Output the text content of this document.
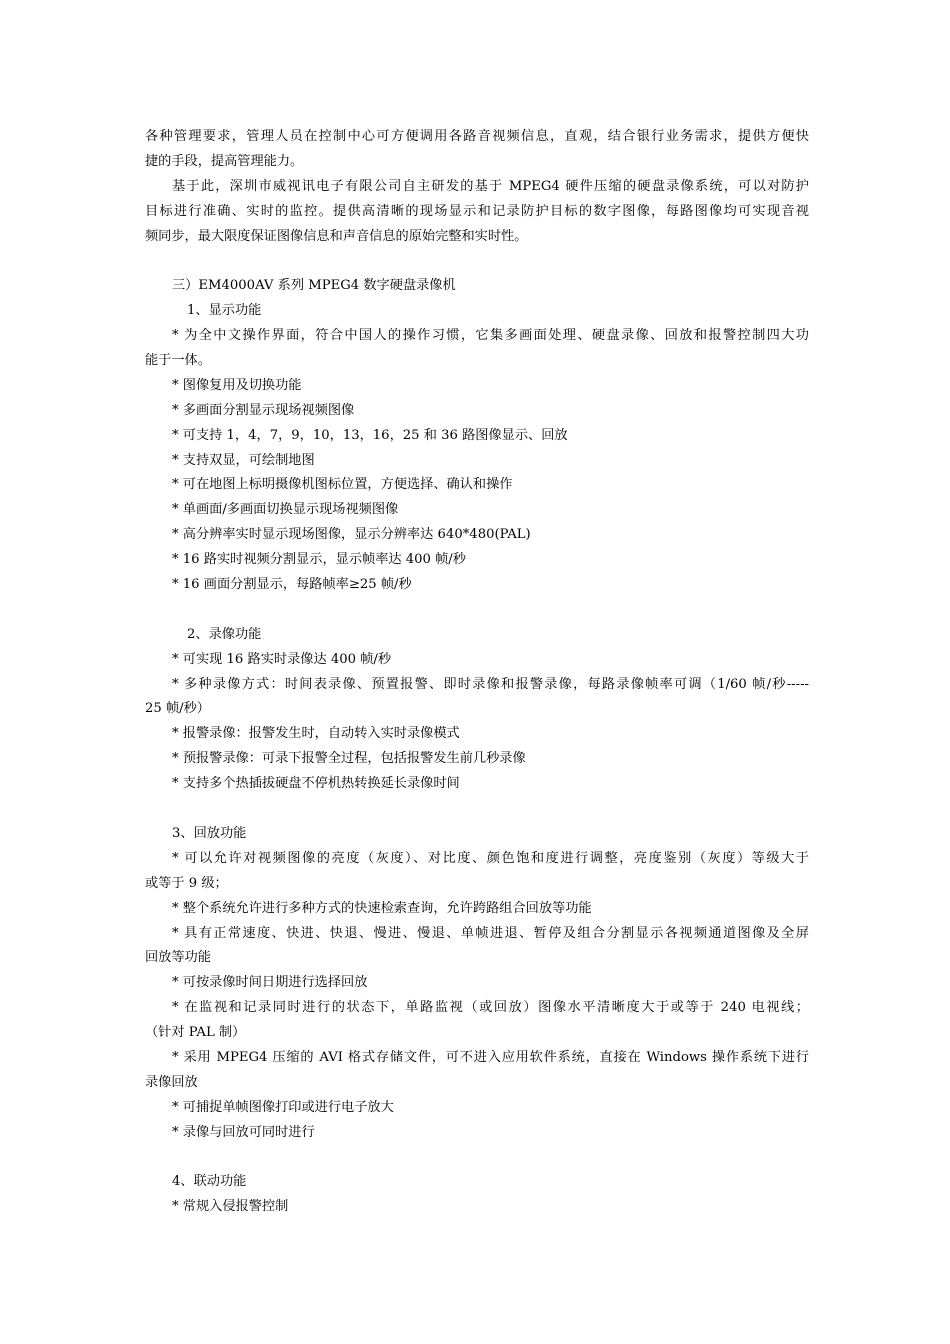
各种管理要求，管理人员在控制中心可方便调用各路音视频信息，直观，结合银行业务需求，提供方便快
捷的手段，提高管理能力。
基于此，深圳市威视讯电子有限公司自主研发的基于 MPEG4 硬件压缩的硬盘录像系统，可以对防护
目标进行准确、实时的监控。提供高清晰的现场显示和记录防护目标的数字图像，每路图像均可实现音视
频同步，最大限度保证图像信息和声音信息的原始完整和实时性。
三）EM4000AV 系列 MPEG4 数字硬盘录像机
1、显示功能
* 为全中文操作界面，符合中国人的操作习惯，它集多画面处理、硬盘录像、回放和报警控制四大功
能于一体。
* 图像复用及切换功能
* 多画面分割显示现场视频图像
* 可支持 1，4，7，9，10，13，16，25 和 36 路图像显示、回放
* 支持双显，可绘制地图
* 可在地图上标明摄像机图标位置，方便选择、确认和操作
* 单画面/多画面切换显示现场视频图像
* 高分辨率实时显示现场图像，显示分辨率达 640*480(PAL)
* 16 路实时视频分割显示，显示帧率达 400 帧/秒
* 16 画面分割显示，每路帧率≥25 帧/秒
2、录像功能
* 可实现 16 路实时录像达 400 帧/秒
* 多种录像方式：时间表录像、预置报警、即时录像和报警录像，每路录像帧率可调（1/60 帧/秒-----
25 帧/秒）
* 报警录像：报警发生时，自动转入实时录像模式
* 预报警录像：可录下报警全过程，包括报警发生前几秒录像
* 支持多个热插拔硬盘不停机热转换延长录像时间
3、回放功能
* 可以允许对视频图像的亮度（灰度）、对比度、颜色饱和度进行调整，亮度鉴别（灰度）等级大于
或等于 9 级；
* 整个系统允许进行多种方式的快速检索查询，允许跨路组合回放等功能
* 具有正常速度、快进、快退、慢进、慢退、单帧进退、暂停及组合分割显示各视频通道图像及全屏
回放等功能
* 可按录像时间日期进行选择回放
* 在监视和记录同时进行的状态下，单路监视（或回放）图像水平清晰度大于或等于 240 电视线；
（针对 PAL 制）
* 采用 MPEG4 压缩的 AVI 格式存储文件，可不进入应用软件系统，直接在 Windows 操作系统下进行
录像回放
* 可捕捉单帧图像打印或进行电子放大
* 录像与回放可同时进行
4、联动功能
* 常规入侵报警控制
